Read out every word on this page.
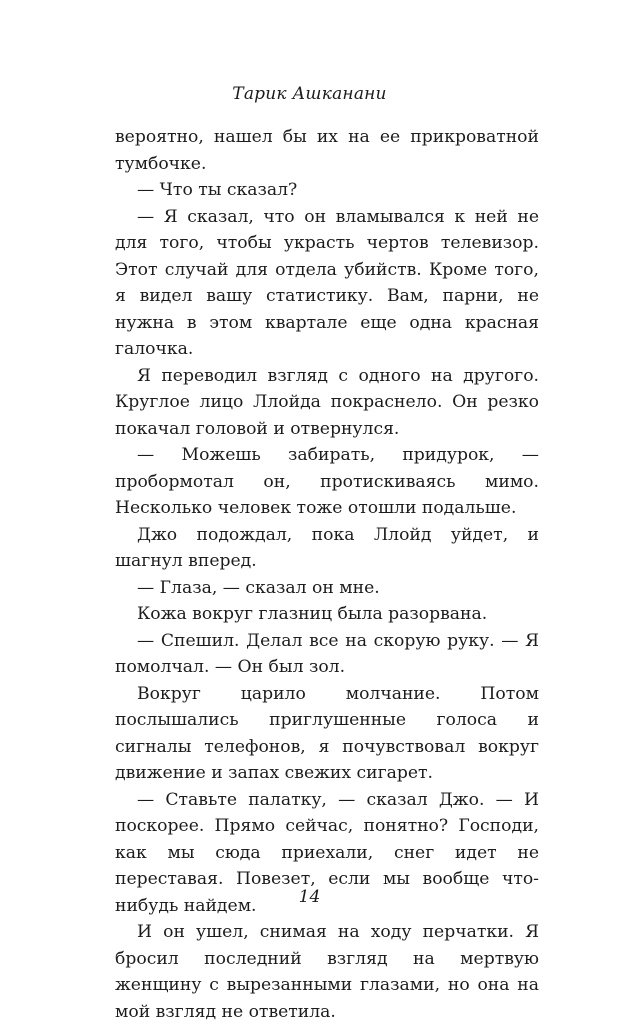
Тарик Ашканани

вероятно, нашел бы их на ее прикроватной тумбочке.

— Что ты сказал?

— Я сказал, что он вламывался к ней не для того, чтобы украсть чертов телевизор. Этот случай для отдела убийств. Кроме того, я видел вашу статистику. Вам, парни, не нужна в этом квартале еще одна красная галочка.

Я переводил взгляд с одного на другого. Круглое лицо Ллойда покраснело. Он резко покачал головой и отвернулся.

— Можешь забирать, придурок, — пробормотал он, протискиваясь мимо. Несколько человек тоже отошли подальше.

Джо подождал, пока Ллойд уйдет, и шагнул вперед.

— Глаза, — сказал он мне.

Кожа вокруг глазниц была разорвана.

— Спешил. Делал все на скорую руку. — Я помолчал. — Он был зол.

Вокруг царило молчание. Потом послышались приглушенные голоса и сигналы телефонов, я почувствовал вокруг движение и запах свежих сигарет.

— Ставьте палатку, — сказал Джо. — И поскорее. Прямо сейчас, понятно? Господи, как мы сюда приехали, снег идет не переставая. Повезет, если мы вообще что-нибудь найдем.

И он ушел, снимая на ходу перчатки. Я бросил последний взгляд на мертвую женщину с вырезанными глазами, но она на мой взгляд не ответила.

14
